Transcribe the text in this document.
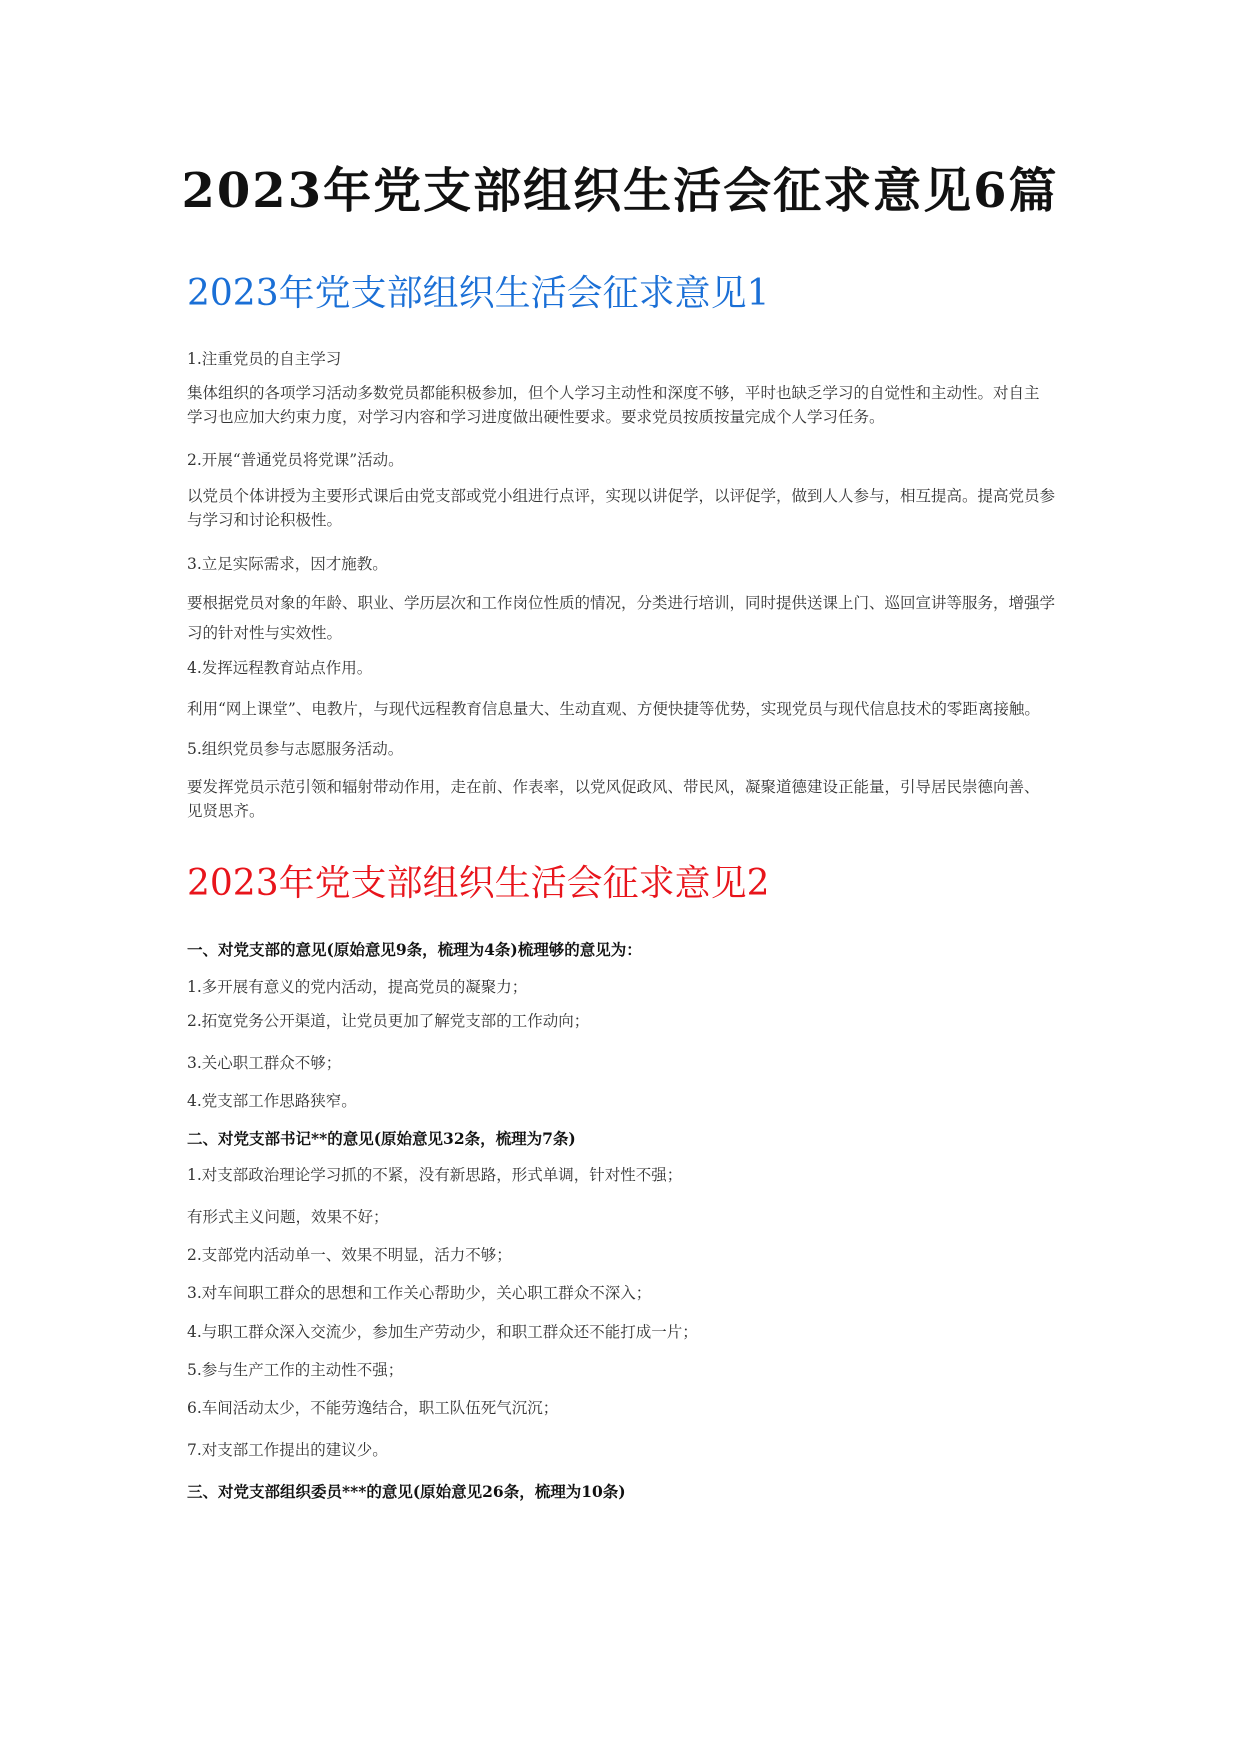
2023年党支部组织生活会征求意见6篇
2023年党支部组织生活会征求意见1

1.注重党员的自主学习

集体组织的各项学习活动多数党员都能积极参加，但个人学习主动性和深度不够，平时也缺乏学习的自觉性和主动性。对自主 学习也应加大约束力度，对学习内容和学习进度做出硬性要求。要求党员按质按量完成个人学习任务。

2.开展“普通党员将党课”活动。

以党员个体讲授为主要形式课后由党支部或党小组进行点评，实现以讲促学，以评促学，做到人人参与，相互提高。提高党员参与学习和讨论积极性。

3.立足实际需求，因才施教。

要根据党员对象的年龄、职业、学历层次和工作岗位性质的情况，分类进行培训，同时提供送课上门、巡回宣讲等服务，增强学习的针对性与实效性。

4.发挥远程教育站点作用。

利用“网上课堂”、电教片，与现代远程教育信息量大、生动直观、方便快捷等优势，实现党员与现代信息技术的零距离接触。

5.组织党员参与志愿服务活动。

要发挥党员示范引领和辐射带动作用，走在前、作表率，以党风促政风、带民风，凝聚道德建设正能量，引导居民崇德向善、 见贤思齐。

2023年党支部组织生活会征求意见2

一、对党支部的意见(原始意见9条，梳理为4条)梳理够的意见为：

1.多开展有意义的党内活动，提高党员的凝聚力；

2.拓宽党务公开渠道，让党员更加了解党支部的工作动向；

3.关心职工群众不够；

4.党支部工作思路狭窄。

二、对党支部书记**的意见(原始意见32条，梳理为7条)

1.对支部政治理论学习抓的不紧，没有新思路，形式单调，针对性不强；

有形式主义问题，效果不好；

2.支部党内活动单一、效果不明显，活力不够；

3.对车间职工群众的思想和工作关心帮助少，关心职工群众不深入；

4.与职工群众深入交流少，参加生产劳动少，和职工群众还不能打成一片；

5.参与生产工作的主动性不强；

6.车间活动太少，不能劳逸结合，职工队伍死气沉沉；

7.对支部工作提出的建议少。

三、对党支部组织委员***的意见(原始意见26条，梳理为10条)
